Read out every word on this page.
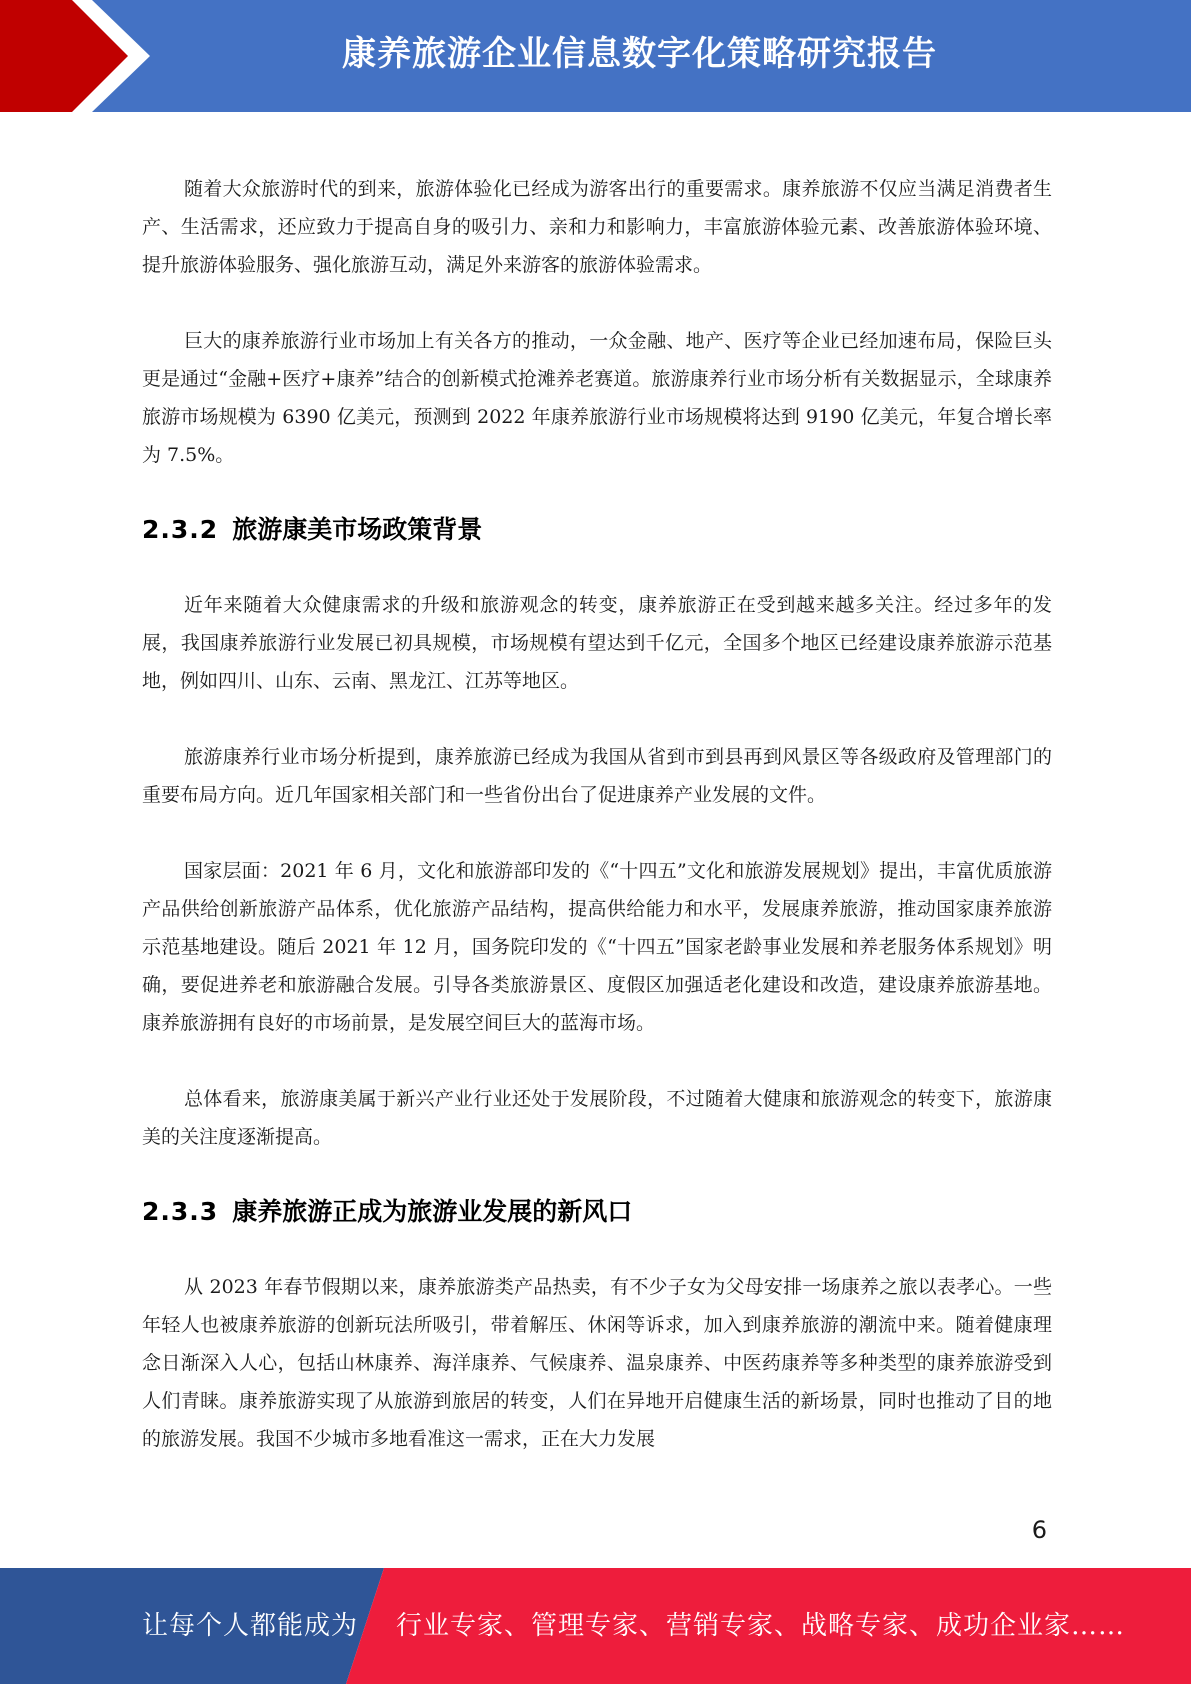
康养旅游企业信息数字化策略研究报告

随着大众旅游时代的到来，旅游体验化已经成为游客出行的重要需求。康养旅游不仅应当满足消费者生产、生活需求，还应致力于提高自身的吸引力、亲和力和影响力，丰富旅游体验元素、改善旅游体验环境、提升旅游体验服务、强化旅游互动，满足外来游客的旅游体验需求。

巨大的康养旅游行业市场加上有关各方的推动，一众金融、地产、医疗等企业已经加速布局，保险巨头更是通过“金融+医疗+康养”结合的创新模式抢滩养老赛道。旅游康养行业市场分析有关数据显示，全球康养旅游市场规模为 6390 亿美元，预测到 2022 年康养旅游行业市场规模将达到 9190 亿美元，年复合增长率为 7.5%。

2.3.2 旅游康美市场政策背景

近年来随着大众健康需求的升级和旅游观念的转变，康养旅游正在受到越来越多关注。经过多年的发展，我国康养旅游行业发展已初具规模，市场规模有望达到千亿元，全国多个地区已经建设康养旅游示范基地，例如四川、山东、云南、黑龙江、江苏等地区。

旅游康养行业市场分析提到，康养旅游已经成为我国从省到市到县再到风景区等各级政府及管理部门的重要布局方向。近几年国家相关部门和一些省份出台了促进康养产业发展的文件。

国家层面：2021 年 6 月，文化和旅游部印发的《“十四五”文化和旅游发展规划》提出，丰富优质旅游产品供给创新旅游产品体系，优化旅游产品结构，提高供给能力和水平，发展康养旅游，推动国家康养旅游示范基地建设。随后 2021 年 12 月，国务院印发的《“十四五”国家老龄事业发展和养老服务体系规划》明确，要促进养老和旅游融合发展。引导各类旅游景区、度假区加强适老化建设和改造，建设康养旅游基地。康养旅游拥有良好的市场前景，是发展空间巨大的蓝海市场。

总体看来，旅游康美属于新兴产业行业还处于发展阶段，不过随着大健康和旅游观念的转变下，旅游康美的关注度逐渐提高。

2.3.3 康养旅游正成为旅游业发展的新风口

从 2023 年春节假期以来，康养旅游类产品热卖，有不少子女为父母安排一场康养之旅以表孝心。一些年轻人也被康养旅游的创新玩法所吸引，带着解压、休闲等诉求，加入到康养旅游的潮流中来。随着健康理念日渐深入人心，包括山林康养、海洋康养、气候康养、温泉康养、中医药康养等多种类型的康养旅游受到人们青睐。康养旅游实现了从旅游到旅居的转变，人们在异地开启健康生活的新场景，同时也推动了目的地的旅游发展。我国不少城市多地看准这一需求，正在大力发展

6
让每个人都能成为 行业专家、管理专家、营销专家、战略专家、成功企业家……
